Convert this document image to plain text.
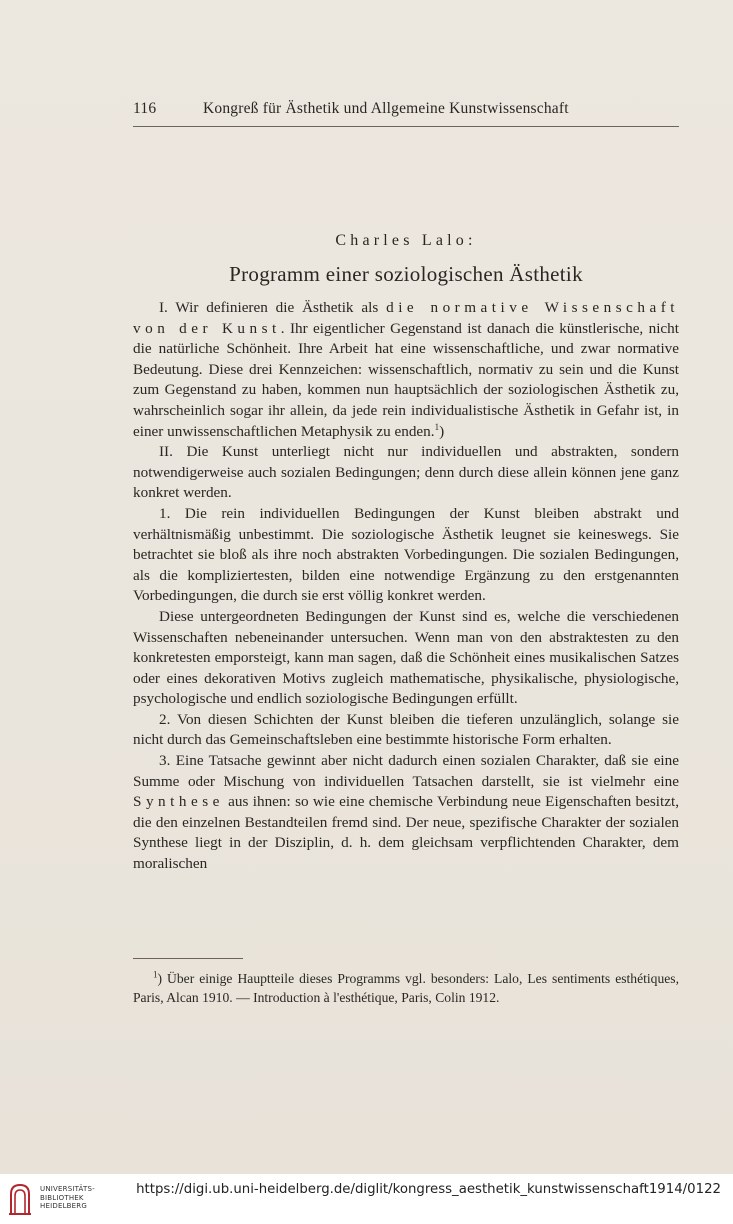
116	Kongreß für Ästhetik und Allgemeine Kunstwissenschaft
Charles Lalo:
Programm einer soziologischen Ästhetik

I. Wir definieren die Ästhetik als die normative Wissenschaft von der Kunst. Ihr eigentlicher Gegenstand ist danach die künstlerische, nicht die natürliche Schönheit. Ihre Arbeit hat eine wissenschaftliche, und zwar normative Bedeutung. Diese drei Kennzeichen: wissenschaftlich, normativ zu sein und die Kunst zum Gegenstand zu haben, kommen nun hauptsächlich der soziologischen Ästhetik zu, wahrscheinlich sogar ihr allein, da jede rein individualistische Ästhetik in Gefahr ist, in einer unwissenschaftlichen Metaphysik zu enden.$^1$)

II. Die Kunst unterliegt nicht nur individuellen und abstrakten, sondern notwendigerweise auch sozialen Bedingungen; denn durch diese allein können jene ganz konkret werden.

1. Die rein individuellen Bedingungen der Kunst bleiben abstrakt und verhältnismäßig unbestimmt. Die soziologische Ästhetik leugnet sie keineswegs. Sie betrachtet sie bloß als ihre noch abstrakten Vorbedingungen. Die sozialen Bedingungen, als die kompliziertesten, bilden eine notwendige Ergänzung zu den erstgenannten Vorbedingungen, die durch sie erst völlig konkret werden.

Diese untergeordneten Bedingungen der Kunst sind es, welche die verschiedenen Wissenschaften nebeneinander untersuchen. Wenn man von den abstraktesten zu den konkretesten emporsteigt, kann man sagen, daß die Schönheit eines musikalischen Satzes oder eines dekorativen Motivs zugleich mathematische, physikalische, physiologische, psychologische und endlich soziologische Bedingungen erfüllt.

2. Von diesen Schichten der Kunst bleiben die tieferen unzulänglich, solange sie nicht durch das Gemeinschaftsleben eine bestimmte historische Form erhalten.

3. Eine Tatsache gewinnt aber nicht dadurch einen sozialen Charakter, daß sie eine Summe oder Mischung von individuellen Tatsachen darstellt, sie ist vielmehr eine Synthese aus ihnen: so wie eine chemische Verbindung neue Eigenschaften besitzt, die den einzelnen Bestandteilen fremd sind. Der neue, spezifische Charakter der sozialen Synthese liegt in der Disziplin, d. h. dem gleichsam verpflichtenden Charakter, dem moralischen

$^1$) Über einige Hauptteile dieses Programms vgl. besonders: Lalo, Les sentiments esthétiques, Paris, Alcan 1910. — Introduction à l'esthétique, Paris, Colin 1912.
UNIVERSITÄTS-
BIBLIOTHEK
HEIDELBERG
https://digi.ub.uni-heidelberg.de/diglit/kongress_aesthetik_kunstwissenschaft1914/0122
